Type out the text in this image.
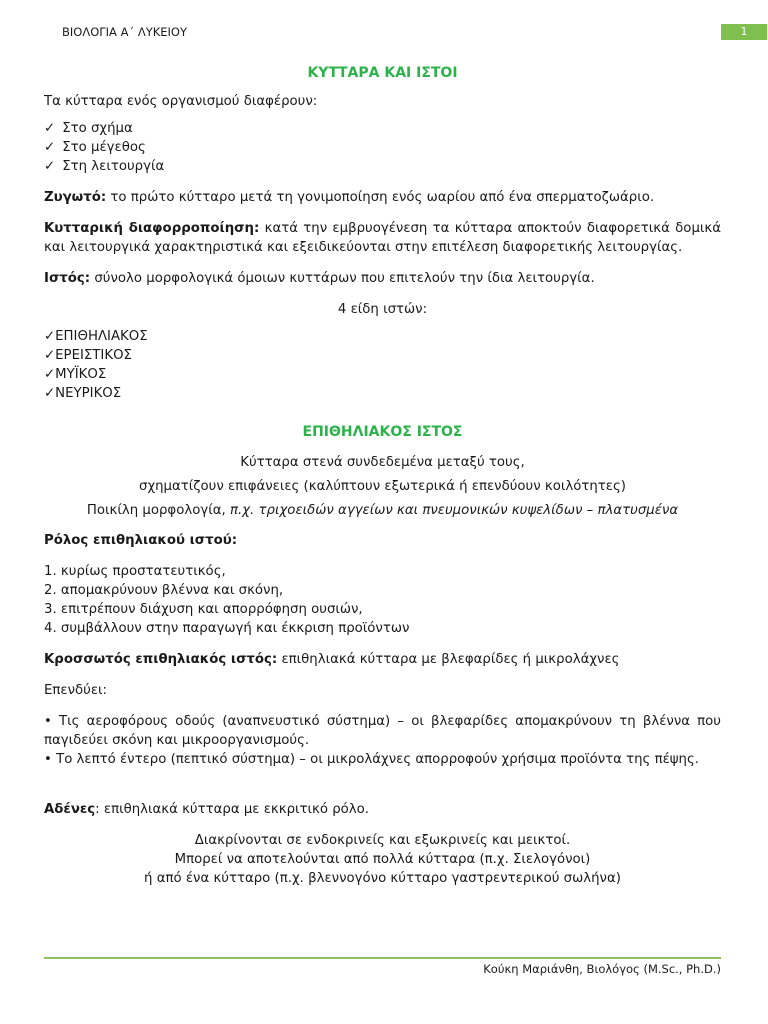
ΒΙΟΛΟΓΙΑ Α΄ ΛΥΚΕΙΟΥ	1
ΚΥΤΤΑΡΑ ΚΑΙ ΙΣΤΟΙ

Τα κύτταρα ενός οργανισμού διαφέρουν:

✓ Στο σχήμα
✓ Στο μέγεθος
✓ Στη λειτουργία

Ζυγωτό: το πρώτο κύτταρο μετά τη γονιμοποίηση ενός ωαρίου από ένα σπερματοζωάριο.

Κυτταρική διαφορροποίηση: κατά την εμβρυογένεση τα κύτταρα αποκτούν διαφορετικά δομικά και λειτουργικά χαρακτηριστικά και εξειδικεύονται στην επιτέλεση διαφορετικής λειτουργίας.

Ιστός: σύνολο μορφολογικά όμοιων κυττάρων που επιτελούν την ίδια λειτουργία.

4 είδη ιστών:

✓ΕΠΙΘΗΛΙΑΚΟΣ
✓ΕΡΕΙΣΤΙΚΟΣ
✓ΜΥΪΚΟΣ
✓ΝΕΥΡΙΚΟΣ
ΕΠΙΘΗΛΙΑΚΟΣ ΙΣΤΟΣ

Κύτταρα στενά συνδεδεμένα μεταξύ τους,

σχηματίζουν επιφάνειες (καλύπτουν εξωτερικά ή επενδύουν κοιλότητες)

Ποικίλη μορφολογία, π.χ. τριχοειδών αγγείων και πνευμονικών κυψελίδων – πλατυσμένα

Ρόλος επιθηλιακού ιστού:

1. κυρίως προστατευτικός,
2. απομακρύνουν βλέννα και σκόνη,
3. επιτρέπουν διάχυση και απορρόφηση ουσιών,
4. συμβάλλουν στην παραγωγή και έκκριση προϊόντων

Κροσσωτός επιθηλιακός ιστός: επιθηλιακά κύτταρα με βλεφαρίδες ή μικρολάχνες

Επενδύει:

• Τις αεροφόρους οδούς (αναπνευστικό σύστημα) – οι βλεφαρίδες απομακρύνουν τη βλέννα που παγιδεύει σκόνη και μικροοργανισμούς.
• Το λεπτό έντερο (πεπτικό σύστημα) – οι μικρολάχνες απορροφούν χρήσιμα προϊόντα της πέψης.

Αδένες: επιθηλιακά κύτταρα με εκκριτικό ρόλο.

Διακρίνονται σε ενδοκρινείς και εξωκρινείς και μεικτοί.

Μπορεί να αποτελούνται από πολλά κύτταρα (π.χ. Σιελογόνοι)

ή από ένα κύτταρο (π.χ. βλεννογόνο κύτταρο γαστρεντερικού σωλήνα)

Κούκη Μαριάνθη, Βιολόγος (M.Sc., Ph.D.)
